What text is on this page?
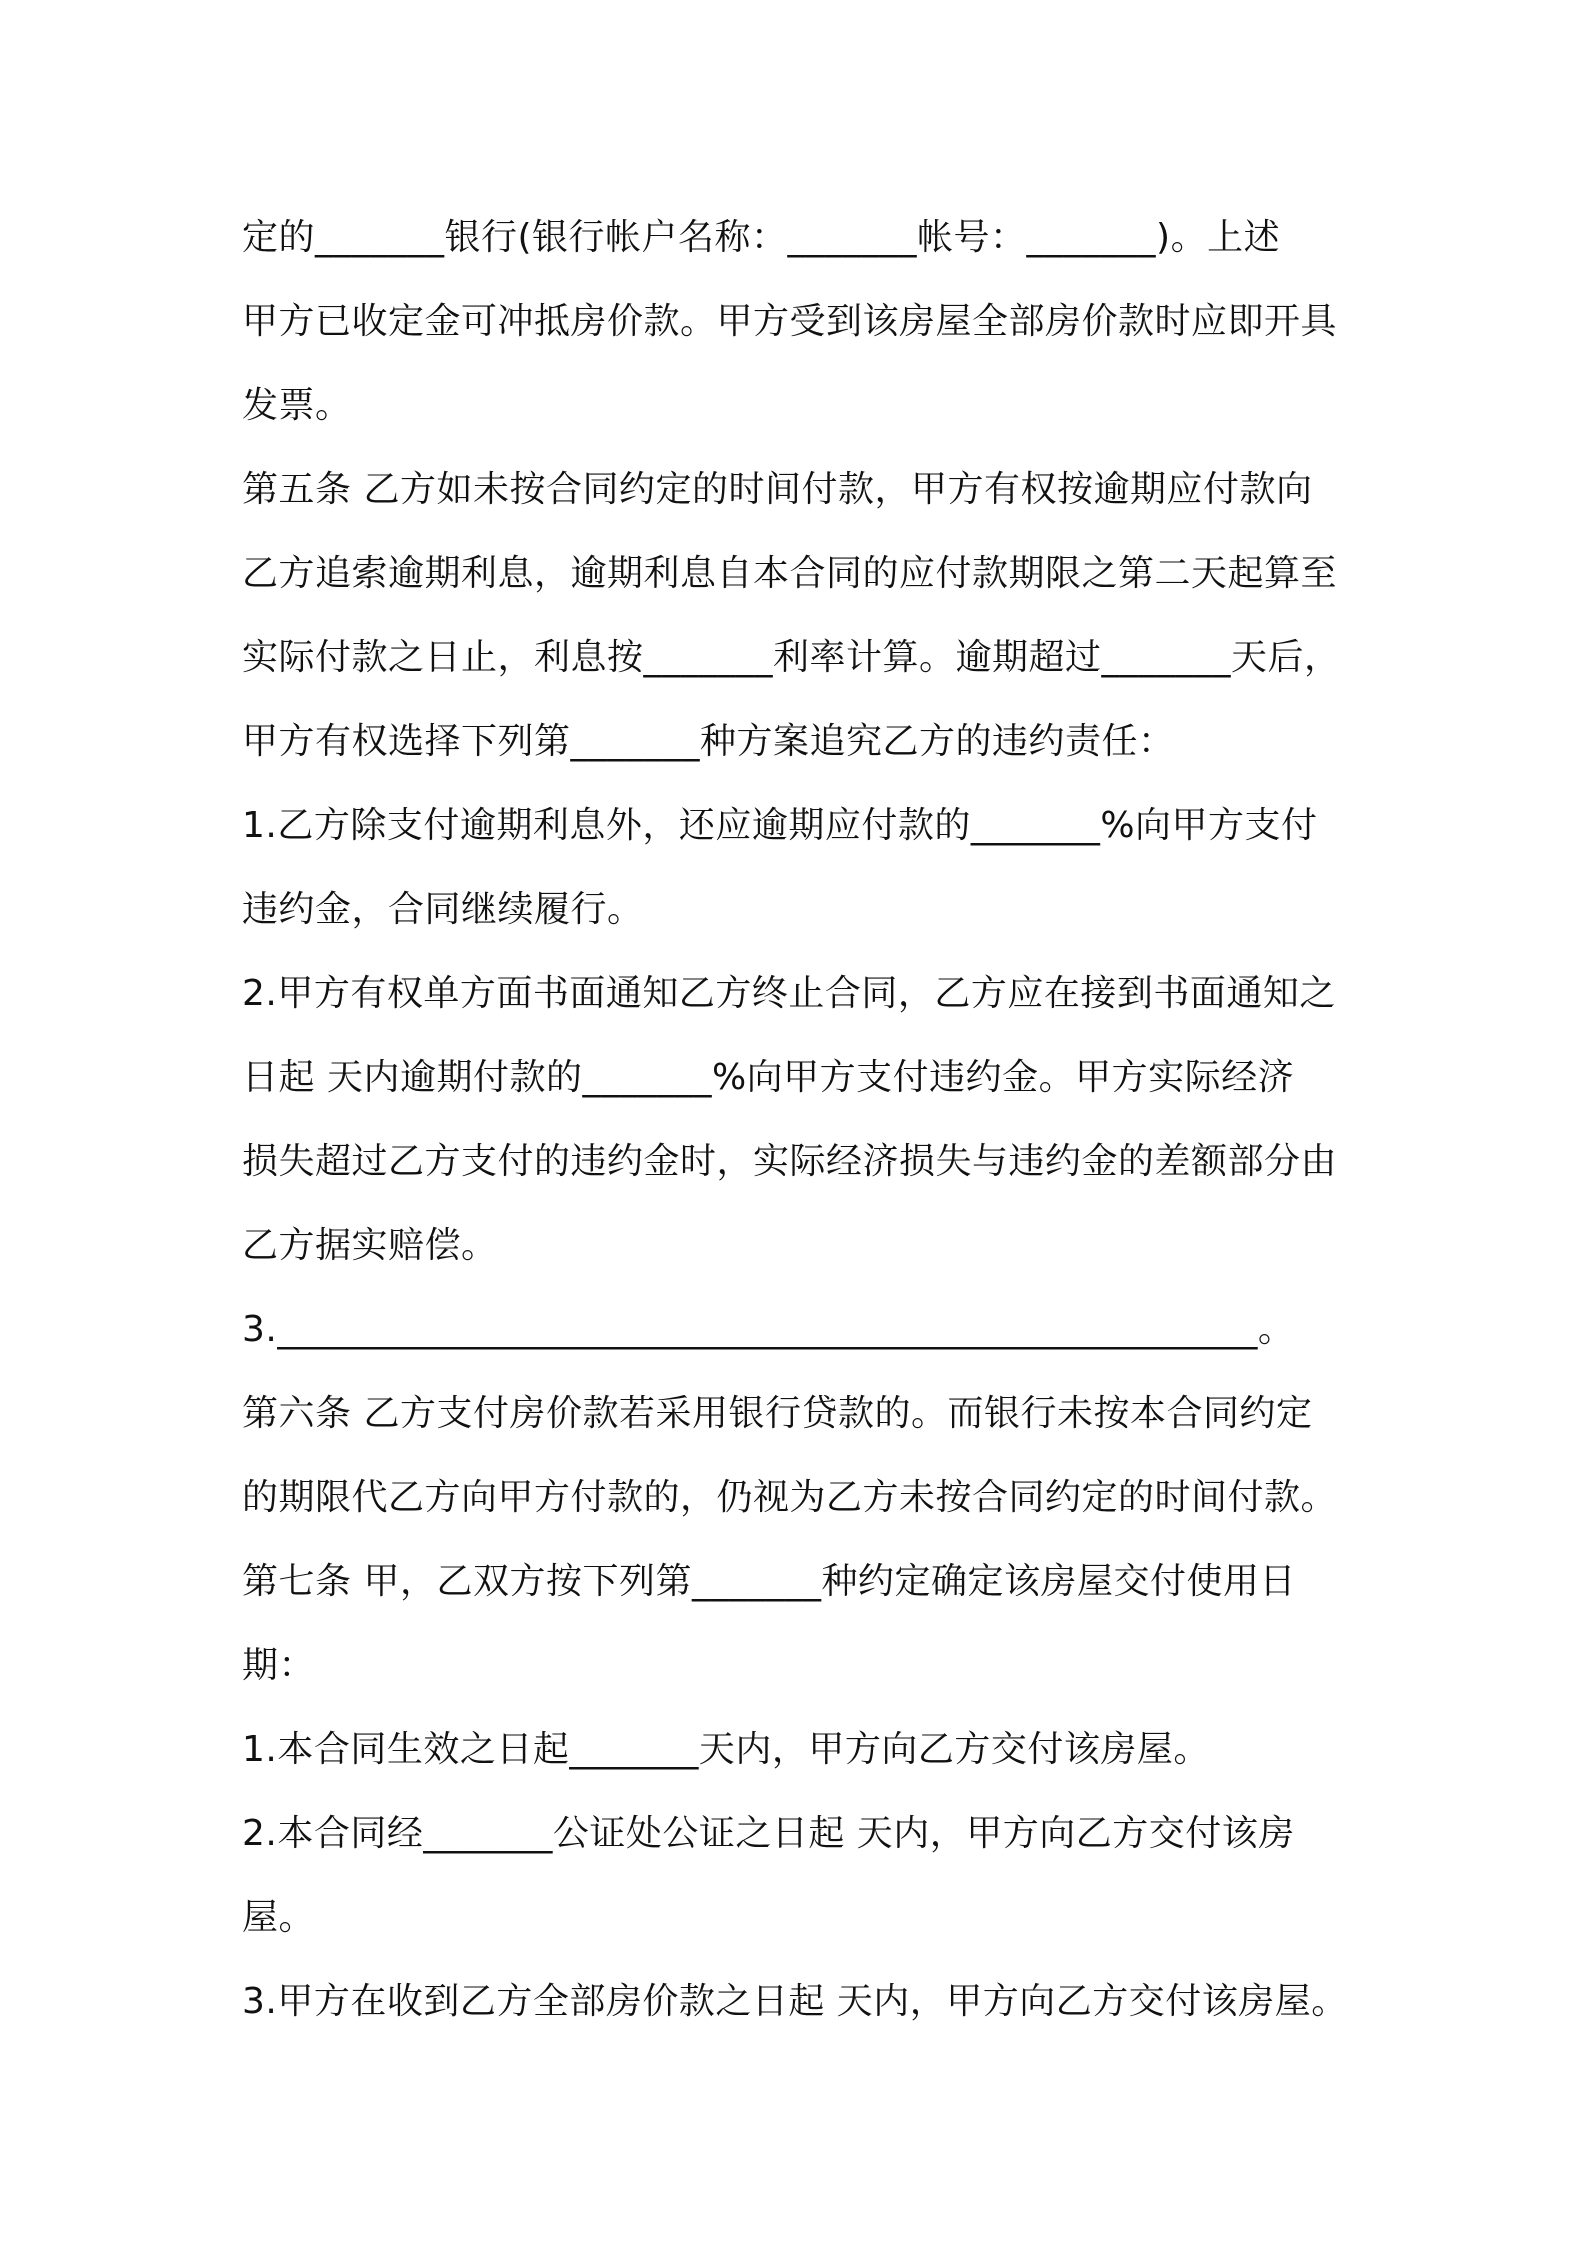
定的_______银行(银行帐户名称：_______帐号：_______)。上述
甲方已收定金可冲抵房价款。甲方受到该房屋全部房价款时应即开具
发票。
第五条 乙方如未按合同约定的时间付款，甲方有权按逾期应付款向
乙方追索逾期利息，逾期利息自本合同的应付款期限之第二天起算至
实际付款之日止，利息按_______利率计算。逾期超过_______天后，
甲方有权选择下列第_______种方案追究乙方的违约责任：
1.乙方除支付逾期利息外，还应逾期应付款的_______%向甲方支付
违约金，合同继续履行。
2.甲方有权单方面书面通知乙方终止合同，乙方应在接到书面通知之
日起 天内逾期付款的_______%向甲方支付违约金。甲方实际经济
损失超过乙方支付的违约金时，实际经济损失与违约金的差额部分由
乙方据实赔偿。
3._____________________________________________________。
第六条 乙方支付房价款若采用银行贷款的。而银行未按本合同约定
的期限代乙方向甲方付款的，仍视为乙方未按合同约定的时间付款。
第七条 甲，乙双方按下列第_______种约定确定该房屋交付使用日
期：
1.本合同生效之日起_______天内，甲方向乙方交付该房屋。
2.本合同经_______公证处公证之日起 天内，甲方向乙方交付该房
屋。
3.甲方在收到乙方全部房价款之日起 天内，甲方向乙方交付该房屋。
